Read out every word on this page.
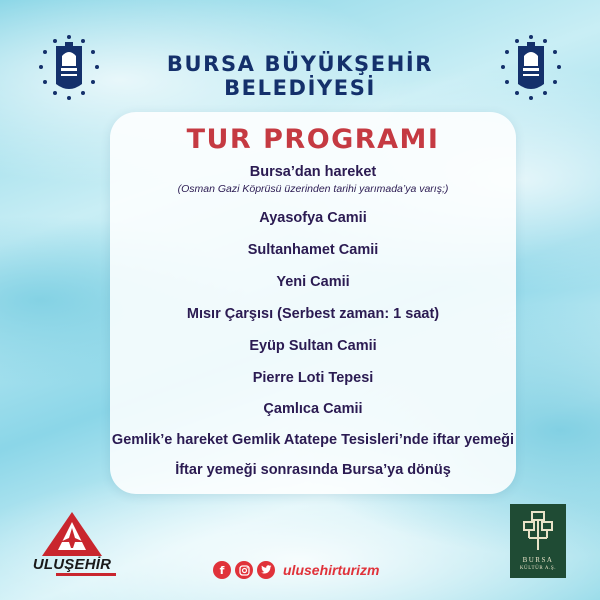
BURSA BÜYÜKŞEHİR BELEDİYESİ
TUR PROGRAMI
Bursa’dan hareket
(Osman Gazi Köprüsü üzerinden tarihi yarımada’ya varış;)
Ayasofya Camii
Sultanhamet Camii
Yeni Camii
Mısır Çarşısı (Serbest zaman: 1 saat)
Eyüp Sultan Camii
Pierre Loti Tepesi
Çamlıca Camii
Gemlik’e hareket Gemlik Atatepe Tesisleri’nde iftar yemeği
İftar yemeği sonrasında Bursa’ya dönüş
ULUŞEHİR	f	ulusehirturizm
BURSA
KÜLTÜR A.Ş.
